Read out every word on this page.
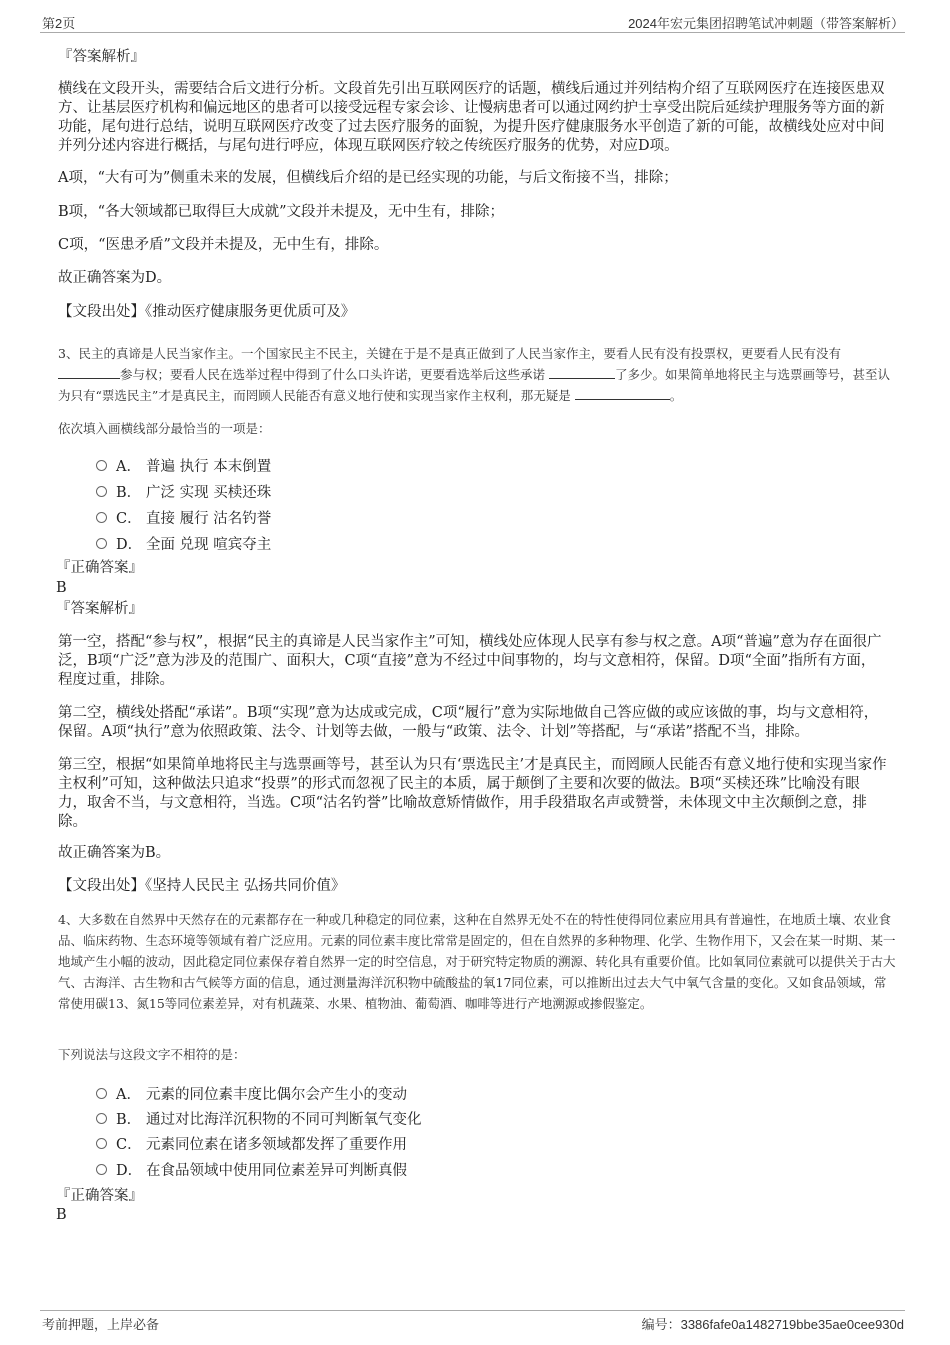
第2页	2024年宏元集团招聘笔试冲刺题（带答案解析）
『答案解析』

横线在文段开头，需要结合后文进行分析。文段首先引出互联网医疗的话题，横线后通过并列结构介绍了互联网医疗在连接医患双方、让基层医疗机构和偏远地区的患者可以接受远程专家会诊、让慢病患者可以通过网约护士享受出院后延续护理服务等方面的新功能，尾句进行总结，说明互联网医疗改变了过去医疗服务的面貌，为提升医疗健康服务水平创造了新的可能，故横线处应对中间并列分述内容进行概括，与尾句进行呼应，体现互联网医疗较之传统医疗服务的优势，对应D项。

A项，“大有可为”侧重未来的发展，但横线后介绍的是已经实现的功能，与后文衔接不当，排除；

B项，“各大领域都已取得巨大成就”文段并未提及，无中生有，排除；

C项，“医患矛盾”文段并未提及，无中生有，排除。

故正确答案为D。

【文段出处】《推动医疗健康服务更优质可及》

3、民主的真谛是人民当家作主。一个国家民主不民主，关键在于是不是真正做到了人民当家作主，要看人民有没有投票权，更要看人民有没有参与权；要看人民在选举过程中得到了什么口头许诺，更要看选举后这些承诺	了多少。如果简单地将民主与选票画等号，甚至认为只有“票选民主”才是真民主，而罔顾人民能否有意义地行使和实现当家作主权利，那无疑是	。

依次填入画横线部分最恰当的一项是：

A． 普遍 执行 本末倒置
B． 广泛 实现 买椟还珠
C． 直接 履行 沽名钓誉
D． 全面 兑现 喧宾夺主
『正确答案』
B
『答案解析』

第一空，搭配“参与权”，根据“民主的真谛是人民当家作主”可知，横线处应体现人民享有参与权之意。A项“普遍”意为存在面很广泛，B项“广泛”意为涉及的范围广、面积大，C项“直接”意为不经过中间事物的，均与文意相符，保留。D项“全面”指所有方面，程度过重，排除。

第二空，横线处搭配“承诺”。B项“实现”意为达成或完成，C项“履行”意为实际地做自己答应做的或应该做的事，均与文意相符，保留。A项“执行”意为依照政策、法令、计划等去做，一般与“政策、法令、计划”等搭配，与“承诺”搭配不当，排除。

第三空，根据“如果简单地将民主与选票画等号，甚至认为只有‘票选民主’才是真民主，而罔顾人民能否有意义地行使和实现当家作主权利”可知，这种做法只追求“投票”的形式而忽视了民主的本质，属于颠倒了主要和次要的做法。B项“买椟还珠”比喻没有眼力，取舍不当，与文意相符，当选。C项“沽名钓誉”比喻故意矫情做作，用手段猎取名声或赞誉，未体现文中主次颠倒之意，排除。

故正确答案为B。

【文段出处】《坚持人民民主 弘扬共同价值》

4、大多数在自然界中天然存在的元素都存在一种或几种稳定的同位素，这种在自然界无处不在的特性使得同位素应用具有普遍性，在地质土壤、农业食品、临床药物、生态环境等领域有着广泛应用。元素的同位素丰度比常常是固定的，但在自然界的多种物理、化学、生物作用下，又会在某一时期、某一地域产生小幅的波动，因此稳定同位素保存着自然界一定的时空信息，对于研究特定物质的溯源、转化具有重要价值。比如氧同位素就可以提供关于古大气、古海洋、古生物和古气候等方面的信息，通过测量海洋沉积物中硫酸盐的氧17同位素，可以推断出过去大气中氧气含量的变化。又如食品领域，常常使用碳13、氮15等同位素差异，对有机蔬菜、水果、植物油、葡萄酒、咖啡等进行产地溯源或掺假鉴定。

下列说法与这段文字不相符的是：

A． 元素的同位素丰度比偶尔会产生小的变动
B． 通过对比海洋沉积物的不同可判断氧气变化
C． 元素同位素在诸多领域都发挥了重要作用
D． 在食品领域中使用同位素差异可判断真假
『正确答案』
B
考前押题，上岸必备	编号：3386fafe0a1482719bbe35ae0cee930d
